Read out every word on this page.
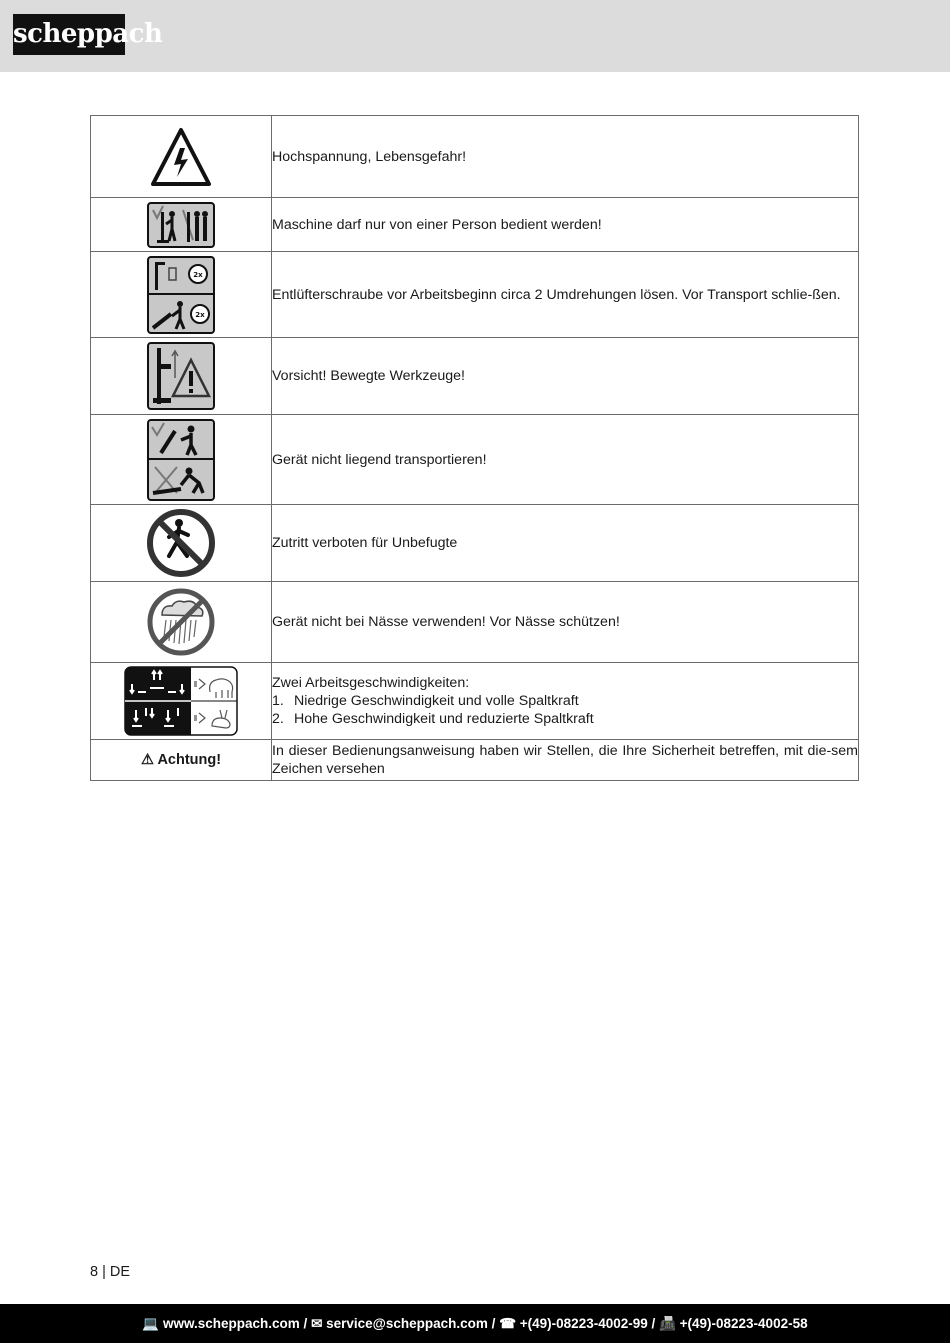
scheppach
	Hochspannung, Lebensgefahr!

	Maschine darf nur von einer Person bedient werden!

2x
2x	Entlüfterschraube vor Arbeitsbeginn circa 2 Umdrehungen lösen. Vor Transport schlie-ßen.

	Vorsicht! Bewegte Werkzeuge!

	Gerät nicht liegend transportieren!

	Zutritt verboten für Unbefugte

	Gerät nicht bei Nässe verwenden! Vor Nässe schützen!

Zwei Arbeitsgeschwindigkeiten:
1. Niedrige Geschwindigkeit und volle Spaltkraft
2. Hohe Geschwindigkeit und reduzierte Spaltkraft

⚠ Achtung!	In dieser Bedienungsanweisung haben wir Stellen, die Ihre Sicherheit betreffen, mit die-sem Zeichen versehen
8 | DE
💻 www.scheppach.com / ✉ service@scheppach.com / ☎ +(49)-08223-4002-99 / 📠 +(49)-08223-4002-58
